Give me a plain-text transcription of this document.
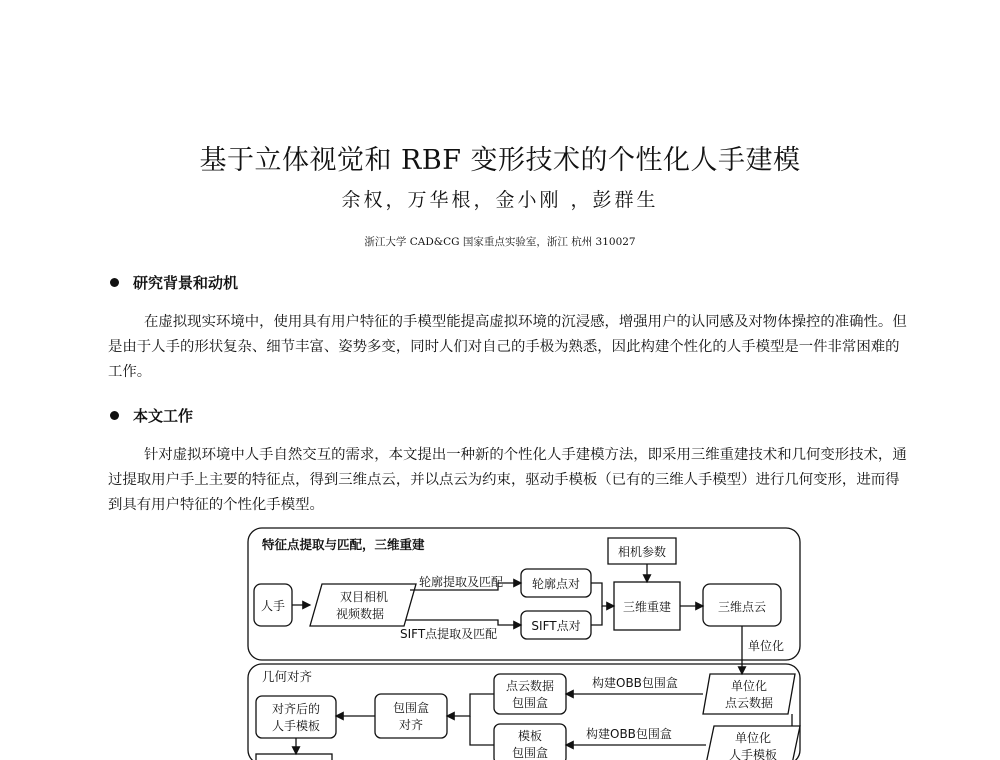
基于立体视觉和 RBF 变形技术的个性化人手建模
余权，万华根，金小刚 ，彭群生
浙江大学 CAD&CG 国家重点实验室，浙江 杭州 310027
研究背景和动机
在虚拟现实环境中，使用具有用户特征的手模型能提高虚拟环境的沉浸感，增强用户的认同感及对物体操控的准确性。但是由于人手的形状复杂、细节丰富、姿势多变，同时人们对自己的手极为熟悉，因此构建个性化的人手模型是一件非常困难的工作。
本文工作
针对虚拟环境中人手自然交互的需求，本文提出一种新的个性化人手建模方法，即采用三维重建技术和几何变形技术，通过提取用户手上主要的特征点，得到三维点云，并以点云为约束，驱动手模板（已有的三维人手模型）进行几何变形，进而得到具有用户特征的个性化手模型。
特征点提取与匹配，三维重建
几何对齐
人手
双目相机
视频数据
轮廓点对
SIFT点对
相机参数
三维重建	三维点云
轮廓提取及匹配
SIFT点提取及匹配
单位化
单位化
点云数据
点云数据
包围盒
模板
包围盒
包围盒
对齐
对齐后的
人手模板
单位化
人手模板
构建OBB包围盒
构建OBB包围盒
